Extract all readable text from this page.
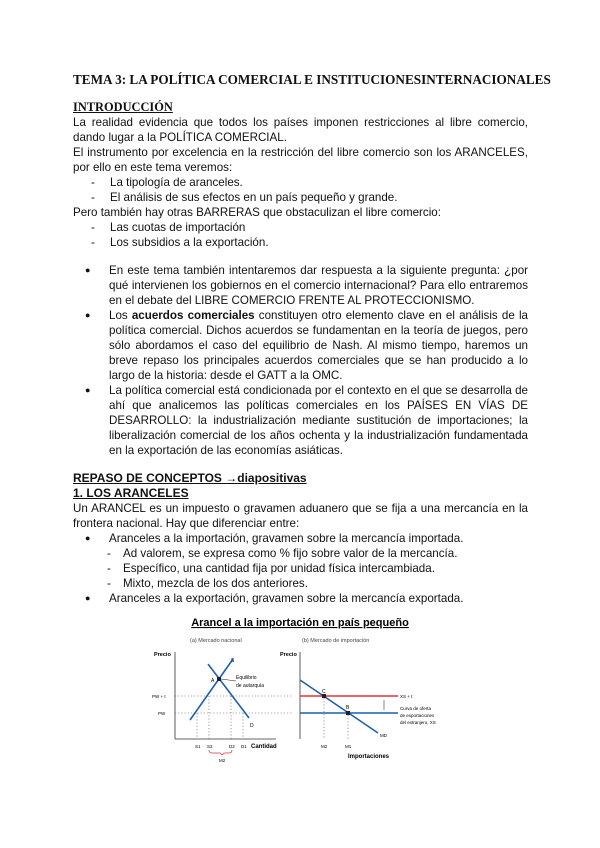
TEMA 3: LA POLÍTICA COMERCIAL E INSTITUCIONESINTERNACIONALES
INTRODUCCIÓN

La realidad evidencia que todos los países imponen restricciones al libre comercio, dando lugar a la POLÍTICA COMERCIAL.

El instrumento por excelencia en la restricción del libre comercio son los ARANCELES, por ello en este tema veremos:

- La tipología de aranceles.
- El análisis de sus efectos en un país pequeño y grande.

Pero también hay otras BARRERAS que obstaculizan el libre comercio:

- Las cuotas de importación
- Los subsidios a la exportación.
● En este tema también intentaremos dar respuesta a la siguiente pregunta: ¿por qué intervienen los gobiernos en el comercio internacional? Para ello entraremos en el debate del LIBRE COMERCIO FRENTE AL PROTECCIONISMO.
● Los acuerdos comerciales constituyen otro elemento clave en el análisis de la política comercial. Dichos acuerdos se fundamentan en la teoría de juegos, pero sólo abordamos el caso del equilibrio de Nash. Al mismo tiempo, haremos un breve repaso los principales acuerdos comerciales que se han producido a lo largo de la historia: desde el GATT a la OMC.
● La política comercial está condicionada por el contexto en el que se desarrolla de ahí que analicemos las políticas comerciales en los PAÍSES EN VÍAS DE DESARROLLO: la industrialización mediante sustitución de importaciones; la liberalización comercial de los años ochenta y la industrialización fundamentada en la exportación de las economías asiáticas.
REPASO DE CONCEPTOS →diapositivas
1. LOS ARANCELES

Un ARANCEL es un impuesto o gravamen aduanero que se fija a una mercancía en la frontera nacional. Hay que diferenciar entre:

● Aranceles a la importación, gravamen sobre la mercancía importada.
- Ad valorem, se expresa como % fijo sobre valor de la mercancía.
- Específico, una cantidad fija por unidad física intercambiada.
- Mixto, mezcla de los dos anteriores.
● Aranceles a la exportación, gravamen sobre la mercancía exportada.
Arancel a la importación en país pequeño
(a) Mercado nacional	(b) Mercado de importación
Precio
S
D
A	Equilibrio
de autarquía
PW + t
PW
S1 S2	D2 D1 Cantidad
M2
Precio
C
B
M2	M1
MD
XS + t
Curva de oferta
de exportaciones
del extranjero, XS
Importaciones
